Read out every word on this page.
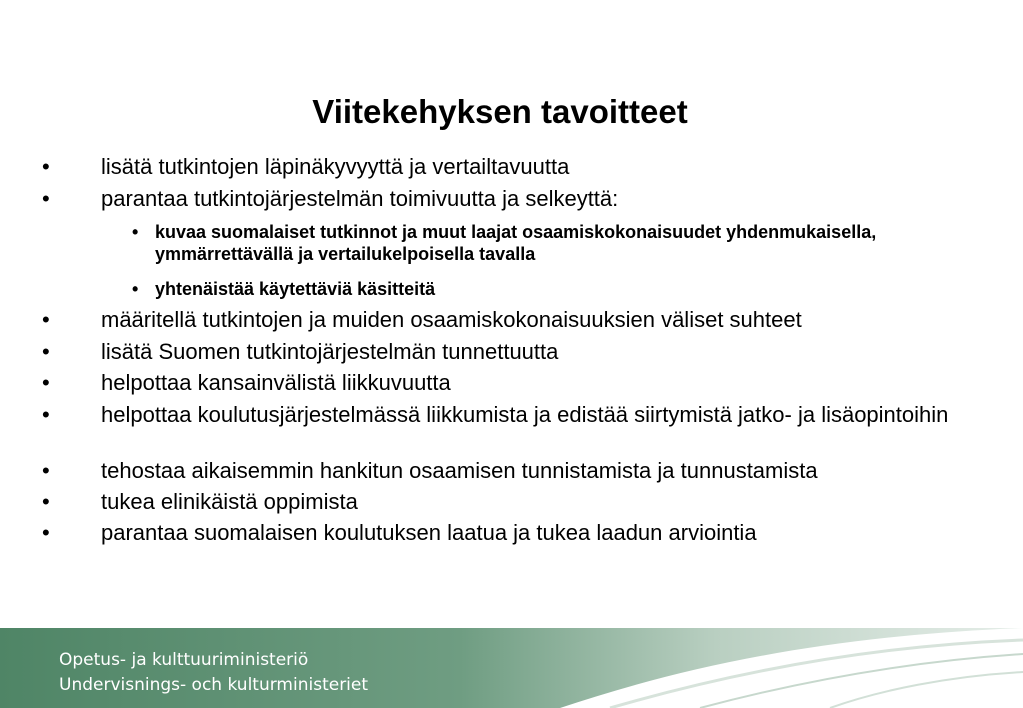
Viitekehyksen tavoitteet
•	lisätä tutkintojen läpinäkyvyyttä ja vertailtavuutta
•	parantaa tutkintojärjestelmän toimivuutta ja selkeyttä:
• kuvaa suomalaiset tutkinnot ja muut laajat osaamiskokonaisuudet yhdenmukaisella, ymmärrettävällä ja vertailukelpoisella tavalla
• yhtenäistää käytettäviä käsitteitä
•	määritellä tutkintojen ja muiden osaamiskokonaisuuksien väliset suhteet
•	lisätä Suomen tutkintojärjestelmän tunnettuutta
•	helpottaa kansainvälistä liikkuvuutta
•	helpottaa koulutusjärjestelmässä liikkumista ja edistää siirtymistä jatko- ja lisäopintoihin
•	tehostaa aikaisemmin hankitun osaamisen tunnistamista ja tunnustamista
•	tukea elinikäistä oppimista
•	parantaa suomalaisen koulutuksen laatua ja tukea laadun arviointia
Opetus- ja kulttuuriministeriö
Undervisnings- och kulturministeriet
